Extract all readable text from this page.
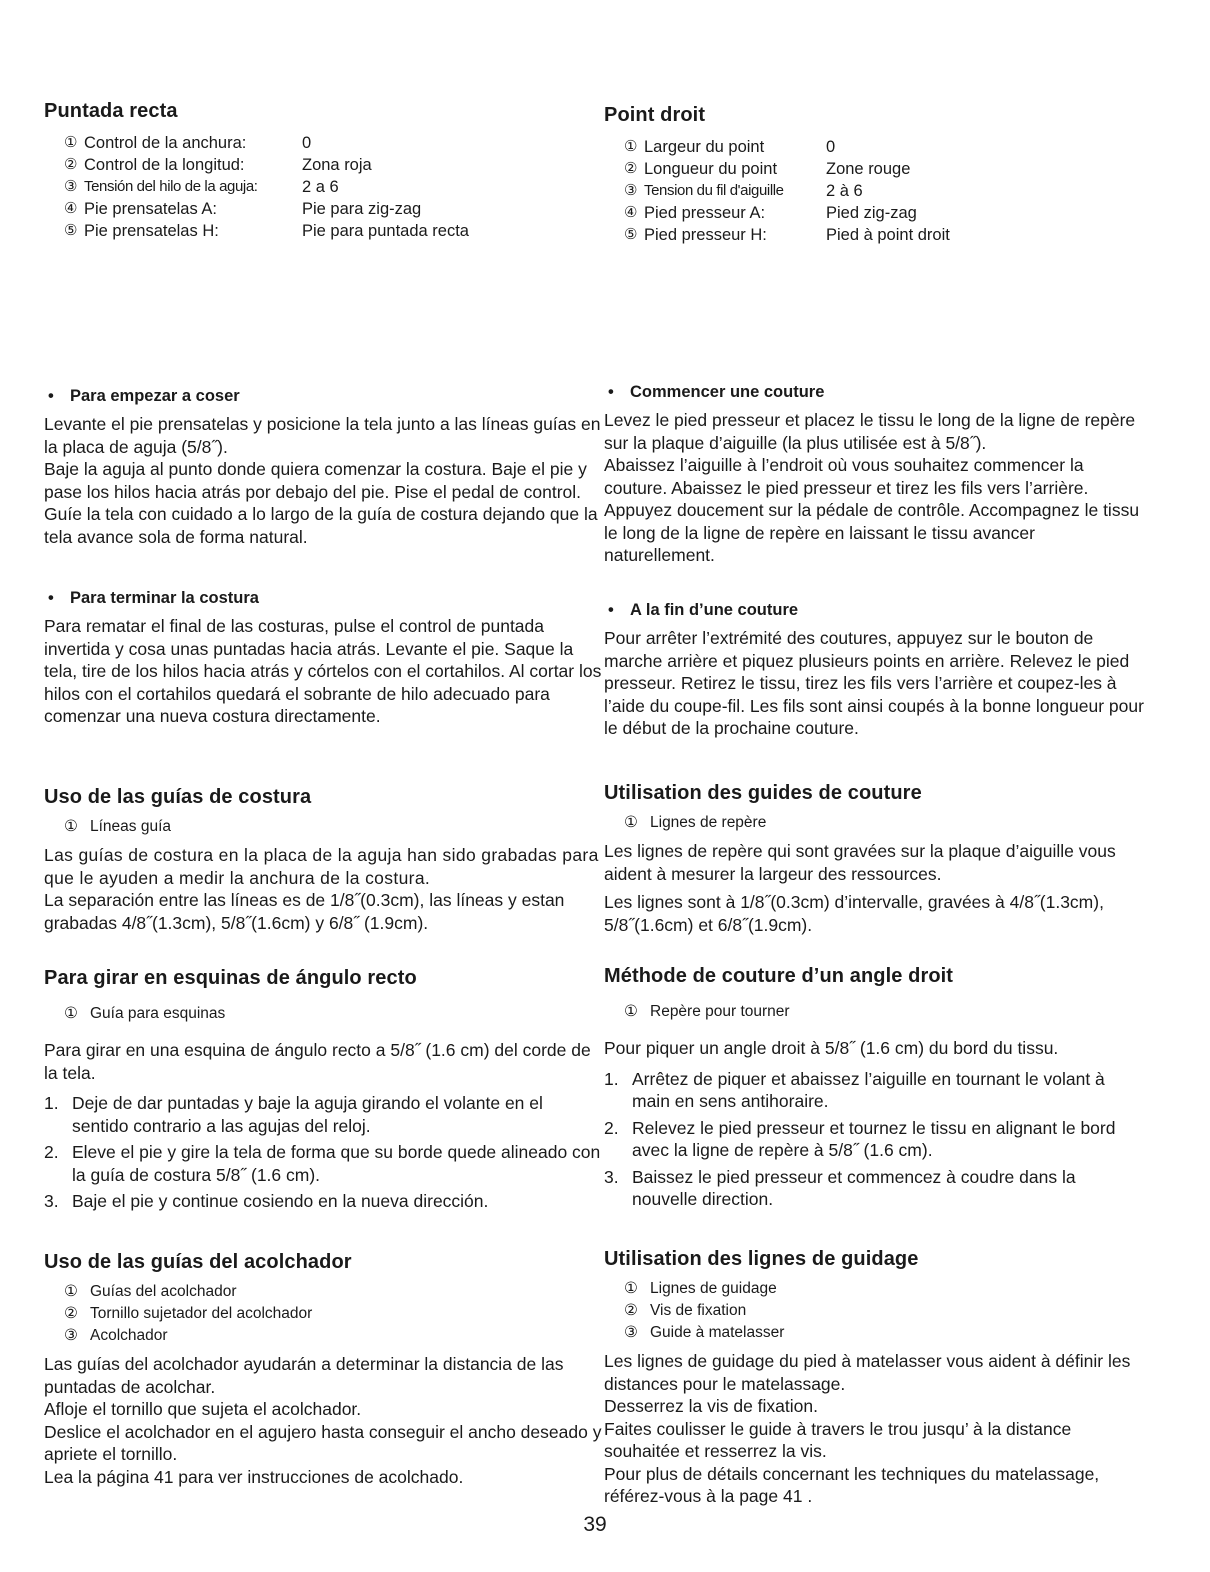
Puntada recta
① Control de la anchura:	0
② Control de la longitud:	Zona roja
③ Tensión del hilo de la aguja:	2 a 6
④ Pie prensatelas A:	Pie para zig-zag
⑤ Pie prensatelas H:	Pie para puntada recta
• Para empezar a coser

Levante el pie prensatelas y posicione la tela junto a las líneas guías en la placa de aguja (5/8˝).

Baje la aguja al punto donde quiera comenzar la costura. Baje el pie y pase los hilos hacia atrás por debajo del pie. Pise el pedal de control. Guíe la tela con cuidado a lo largo de la guía de costura dejando que la tela avance sola de forma natural.

• Para terminar la costura

Para rematar el final de las costuras, pulse el control de puntada invertida y cosa unas puntadas hacia atrás. Levante el pie. Saque la tela, tire de los hilos hacia atrás y córtelos con el cortahilos. Al cortar los hilos con el cortahilos quedará el sobrante de hilo adecuado para comenzar una nueva costura directamente.

Uso de las guías de costura
① Líneas guía

Las guías de costura en la placa de la aguja han sido grabadas para que le ayuden a medir la anchura de la costura.

La separación entre las líneas es de 1/8˝(0.3cm), las líneas y estan grabadas 4/8˝(1.3cm), 5/8˝(1.6cm) y 6/8˝ (1.9cm).

Para girar en esquinas de ángulo recto
① Guía para esquinas

Para girar en una esquina de ángulo recto a 5/8˝ (1.6 cm) del corde de la tela.

1. Deje de dar puntadas y baje la aguja girando el volante en el sentido contrario a las agujas del reloj.
2. Eleve el pie y gire la tela de forma que su borde quede alineado con la guía de costura 5/8˝ (1.6 cm).
3. Baje el pie y continue cosiendo en la nueva dirección.
Uso de las guías del acolchador
① Guías del acolchador
② Tornillo sujetador del acolchador
③ Acolchador

Las guías del acolchador ayudarán a determinar la distancia de las puntadas de acolchar.

Afloje el tornillo que sujeta el acolchador.

Deslice el acolchador en el agujero hasta conseguir el ancho deseado y apriete el tornillo.

Lea la página 41 para ver instrucciones de acolchado.

Point droit
① Largeur du point	0
② Longueur du point	Zone rouge
③ Tension du fil d'aiguille	2 à 6
④ Pied presseur A:	Pied zig-zag
⑤ Pied presseur H:	Pied à point droit
• Commencer une couture

Levez le pied presseur et placez le tissu le long de la ligne de repère sur la plaque d’aiguille (la plus utilisée est à 5/8˝).

Abaissez l’aiguille à l’endroit où vous souhaitez commencer la couture. Abaissez le pied presseur et tirez les fils vers l’arrière. Appuyez doucement sur la pédale de contrôle. Accompagnez le tissu le long de la ligne de repère en laissant le tissu avancer naturellement.

• A la fin d’une couture

Pour arrêter l’extrémité des coutures, appuyez sur le bouton de marche arrière et piquez plusieurs points en arrière. Relevez le pied presseur. Retirez le tissu, tirez les fils vers l’arrière et coupez-les à l’aide du coupe-fil. Les fils sont ainsi coupés à la bonne longueur pour le début de la prochaine couture.

Utilisation des guides de couture
① Lignes de repère

Les lignes de repère qui sont gravées sur la plaque d’aiguille vous aident à mesurer la largeur des ressources.

Les lignes sont à 1/8˝(0.3cm) d’intervalle, gravées à 4/8˝(1.3cm), 5/8˝(1.6cm) et 6/8˝(1.9cm).

Méthode de couture d’un angle droit
① Repère pour tourner

Pour piquer un angle droit à 5/8˝ (1.6 cm) du bord du tissu.

1. Arrêtez de piquer et abaissez l’aiguille en tournant le volant à main en sens antihoraire.
2. Relevez le pied presseur et tournez le tissu en alignant le bord avec la ligne de repère à 5/8˝ (1.6 cm).
3. Baissez le pied presseur et commencez à coudre dans la nouvelle direction.
Utilisation des lignes de guidage
① Lignes de guidage
② Vis de fixation
③ Guide à matelasser

Les lignes de guidage du pied à matelasser vous aident à définir les distances pour le matelassage.

Desserrez la vis de fixation.

Faites coulisser le guide à travers le trou jusqu’ à la distance souhaitée et resserrez la vis.

Pour plus de détails concernant les techniques du matelassage, référez-vous à la page 41 .

39
